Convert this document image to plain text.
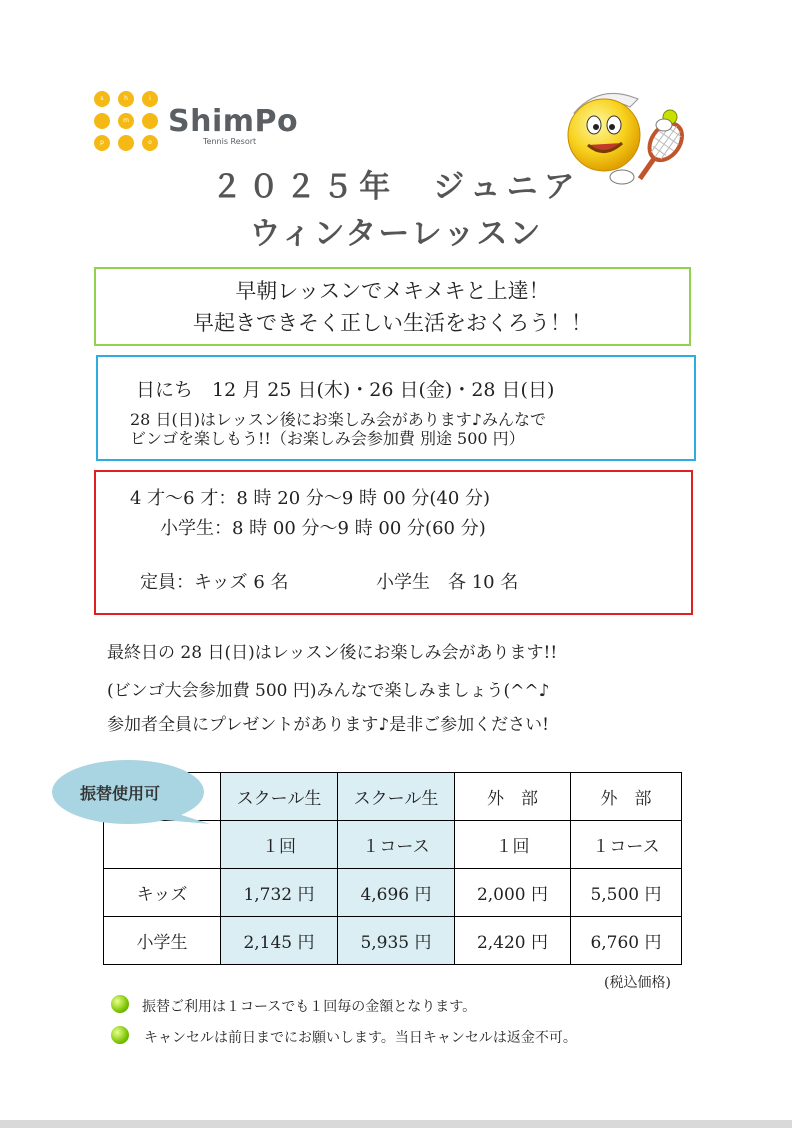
s	h	i
m
p	o
ShimPo
Tennis Resort
２０２５年　ジュニア
ウィンターレッスン
早朝レッスンでメキメキと上達！
早起きできそく正しい生活をおくろう！！
日にち　12 月 25 日(木)・26 日(金)・28 日(日)
28 日(日)はレッスン後にお楽しみ会があります♪みんなで
ビンゴを楽しもう!!（お楽しみ会参加費 別途 500 円）
4 才～6 才：8 時 20 分～9 時 00 分(40 分)
小学生：8 時 00 分～9 時 00 分(60 分)
定員：キッズ 6 名	小学生　各 10 名
最終日の 28 日(日)はレッスン後にお楽しみ会があります!!
(ビンゴ大会参加費 500 円)みんなで楽しみましょう(^^♪
参加者全員にプレゼントがあります♪是非ご参加ください!
	スクール生	スクール生	外　部	外　部
	１回	１コース	１回	１コース
キッズ	1,732 円	4,696 円	2,000 円	5,500 円
小学生	2,145 円	5,935 円	2,420 円	6,760 円
振替使用可
(税込価格)
振替ご利用は１コースでも１回毎の金額となります。
キャンセルは前日までにお願いします。当日キャンセルは返金不可。
